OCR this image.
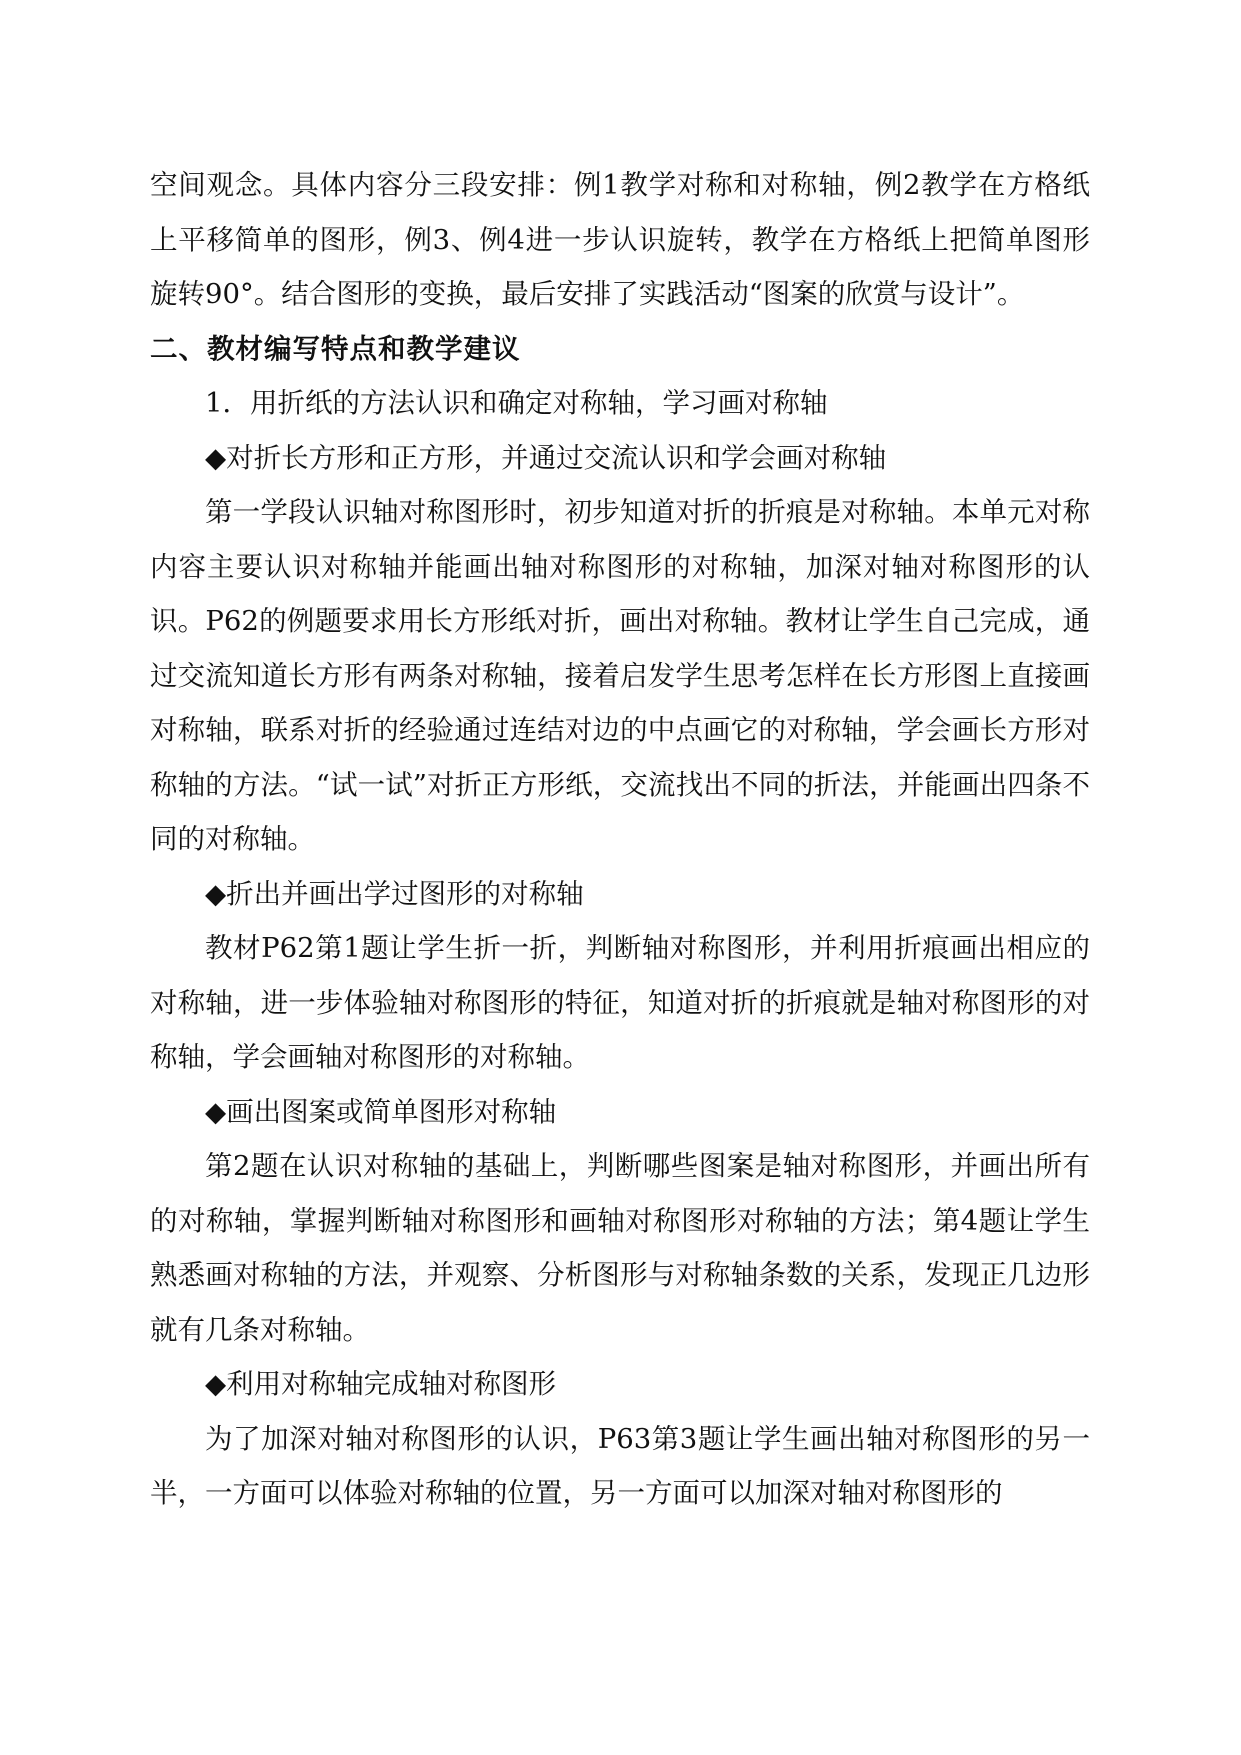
空间观念。具体内容分三段安排：例1教学对称和对称轴，例2教学在方格纸上平移简单的图形，例3、例4进一步认识旋转，教学在方格纸上把简单图形旋转90°。结合图形的变换，最后安排了实践活动“图案的欣赏与设计”。

二、教材编写特点和教学建议

1．用折纸的方法认识和确定对称轴，学习画对称轴

◆对折长方形和正方形，并通过交流认识和学会画对称轴

第一学段认识轴对称图形时，初步知道对折的折痕是对称轴。本单元对称内容主要认识对称轴并能画出轴对称图形的对称轴，加深对轴对称图形的认识。P62的例题要求用长方形纸对折，画出对称轴。教材让学生自己完成，通过交流知道长方形有两条对称轴，接着启发学生思考怎样在长方形图上直接画对称轴，联系对折的经验通过连结对边的中点画它的对称轴，学会画长方形对称轴的方法。“试一试”对折正方形纸，交流找出不同的折法，并能画出四条不同的对称轴。

◆折出并画出学过图形的对称轴

教材P62第1题让学生折一折，判断轴对称图形，并利用折痕画出相应的对称轴，进一步体验轴对称图形的特征，知道对折的折痕就是轴对称图形的对称轴，学会画轴对称图形的对称轴。

◆画出图案或简单图形对称轴

第2题在认识对称轴的基础上，判断哪些图案是轴对称图形，并画出所有的对称轴，掌握判断轴对称图形和画轴对称图形对称轴的方法；第4题让学生熟悉画对称轴的方法，并观察、分析图形与对称轴条数的关系，发现正几边形就有几条对称轴。

◆利用对称轴完成轴对称图形

为了加深对轴对称图形的认识，P63第3题让学生画出轴对称图形的另一半，一方面可以体验对称轴的位置，另一方面可以加深对轴对称图形的
